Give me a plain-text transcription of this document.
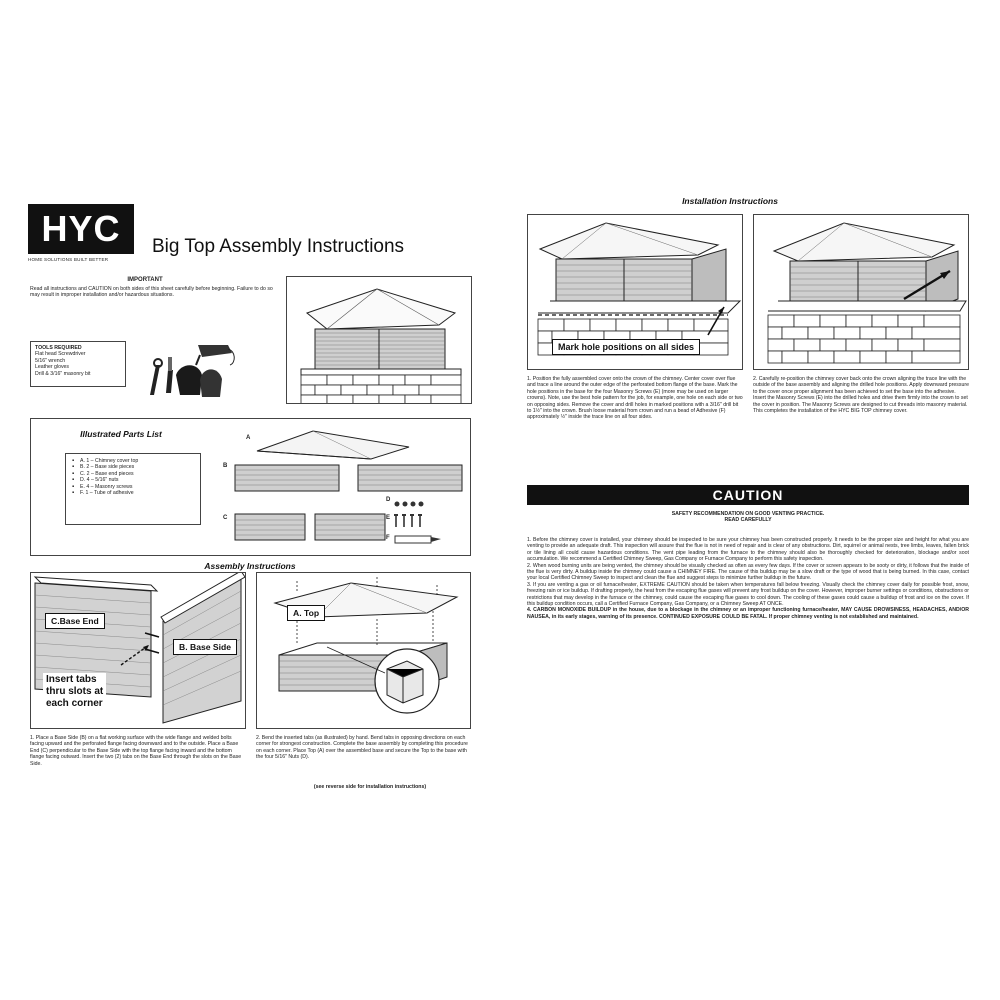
HYC
HOME SOLUTIONS BUILT BETTER
Big Top Assembly Instructions
IMPORTANT
Read all instructions and CAUTION on both sides of this sheet carefully before beginning. Failure to do so may result in improper installation and/or hazardous situations.
TOOLS REQUIRED
Flat head Screwdriver
5/16" wrench
Leather gloves
Drill & 3/16" masonry bit
Illustrated Parts List
▪ A. 1 – Chimney cover top
▪ B. 2 – Base side pieces
▪ C. 2 – Base end pieces
▪ D. 4 – 5/16" nuts
▪ E. 4 – Masonry screws
▪ F. 1 – Tube of adhesive
A
B
C
D
E
F
Assembly Instructions
C.Base End
B. Base Side
Insert tabs
thru slots at
each corner
A. Top
1. Place a Base Side (B) on a flat working surface with the wide flange and welded bolts facing upward and the perforated flange facing downward and to the outside. Place a Base End (C) perpendicular to the Base Side with the top flange facing inward and the bottom flange facing outward. Insert the two (2) tabs on the Base End through the slots on the Base Side.
2. Bend the inserted tabs (as illustrated) by hand. Bend tabs in opposing directions on each corner for strongest construction. Complete the base assembly by completing this procedure on each corner. Place Top (A) over the assembled base and secure the Top to the base with the four 5/16" Nuts (D).
(see reverse side for installation instructions)
Installation Instructions
Mark hole positions on all sides
1. Position the fully assembled cover onto the crown of the chimney. Center cover over flue and trace a line around the outer edge of the perforated bottom flange of the base. Mark the hole positions in the base for the four Masonry Screws (E) (more may be used on larger crowns). Note, use the best hole pattern for the job, for example, one hole on each side or two on opposing sides. Remove the cover and drill holes in marked positions with a 3/16" drill bit to 1½" into the crown. Brush loose material from crown and run a bead of Adhesive (F) approximately ½" inside the trace line on all four sides.
2. Carefully re-position the chimney cover back onto the crown aligning the trace line with the outside of the base assembly and aligning the drilled hole positions. Apply downward pressure to the cover once proper alignment has been achieved to set the base into the adhesive. Insert the Masonry Screws (E) into the drilled holes and drive them firmly into the crown to set the cover in position. The Masonry Screws are designed to cut threads into masonry material. This completes the installation of the HYC BIG TOP chimney cover.
CAUTION
SAFETY RECOMMENDATION ON GOOD VENTING PRACTICE.
READ CAREFULLY
1. Before the chimney cover is installed, your chimney should be inspected to be sure your chimney has been constructed properly. It needs to be the proper size and height for what you are venting to provide an adequate draft. This inspection will assure that the flue is not in need of repair and is clear of any obstructions. Dirt, squirrel or animal nests, tree limbs, leaves, fallen brick or tile lining all could cause hazardous conditions. The vent pipe leading from the furnace to the chimney should also be thoroughly checked for deterioration, blockage and/or soot accumulation. We recommend a Certified Chimney Sweep, Gas Company or Furnace Company to perform this safety inspection.
2. When wood burning units are being vented, the chimney should be visually checked as often as every few days. If the cover or screen appears to be sooty or dirty, it follows that the inside of the flue is very dirty. A buildup inside the chimney could cause a CHIMNEY FIRE. The cause of this buildup may be a slow draft or the type of wood that is being burned. In this case, contact your local Certified Chimney Sweep to inspect and clean the flue and suggest steps to minimize further buildup in the future.
3. If you are venting a gas or oil furnace/heater, EXTREME CAUTION should be taken when temperatures fall below freezing. Visually check the chimney cover daily for possible frost, snow, freezing rain or ice buildup. If drafting properly, the heat from the escaping flue gases will prevent any frost buildup on the cover. However, improper burner settings or conditions, obstructions or restrictions that may develop in the furnace or the chimney, could cause the escaping flue gases to cool down. The cooling of these gases could cause a buildup of frost and ice on the cover. If this buildup condition occurs, call a Certified Furnace Company, Gas Company, or a Chimney Sweep AT ONCE.
4. CARBON MONOXIDE BUILDUP in the house, due to a blockage in the chimney or an improper functioning furnace/heater, MAY CAUSE DROWSINESS, HEADACHES, AND/OR NAUSEA, in its early stages, warning of its presence. CONTINUED EXPOSURE COULD BE FATAL. If proper chimney venting is not established and maintained.
